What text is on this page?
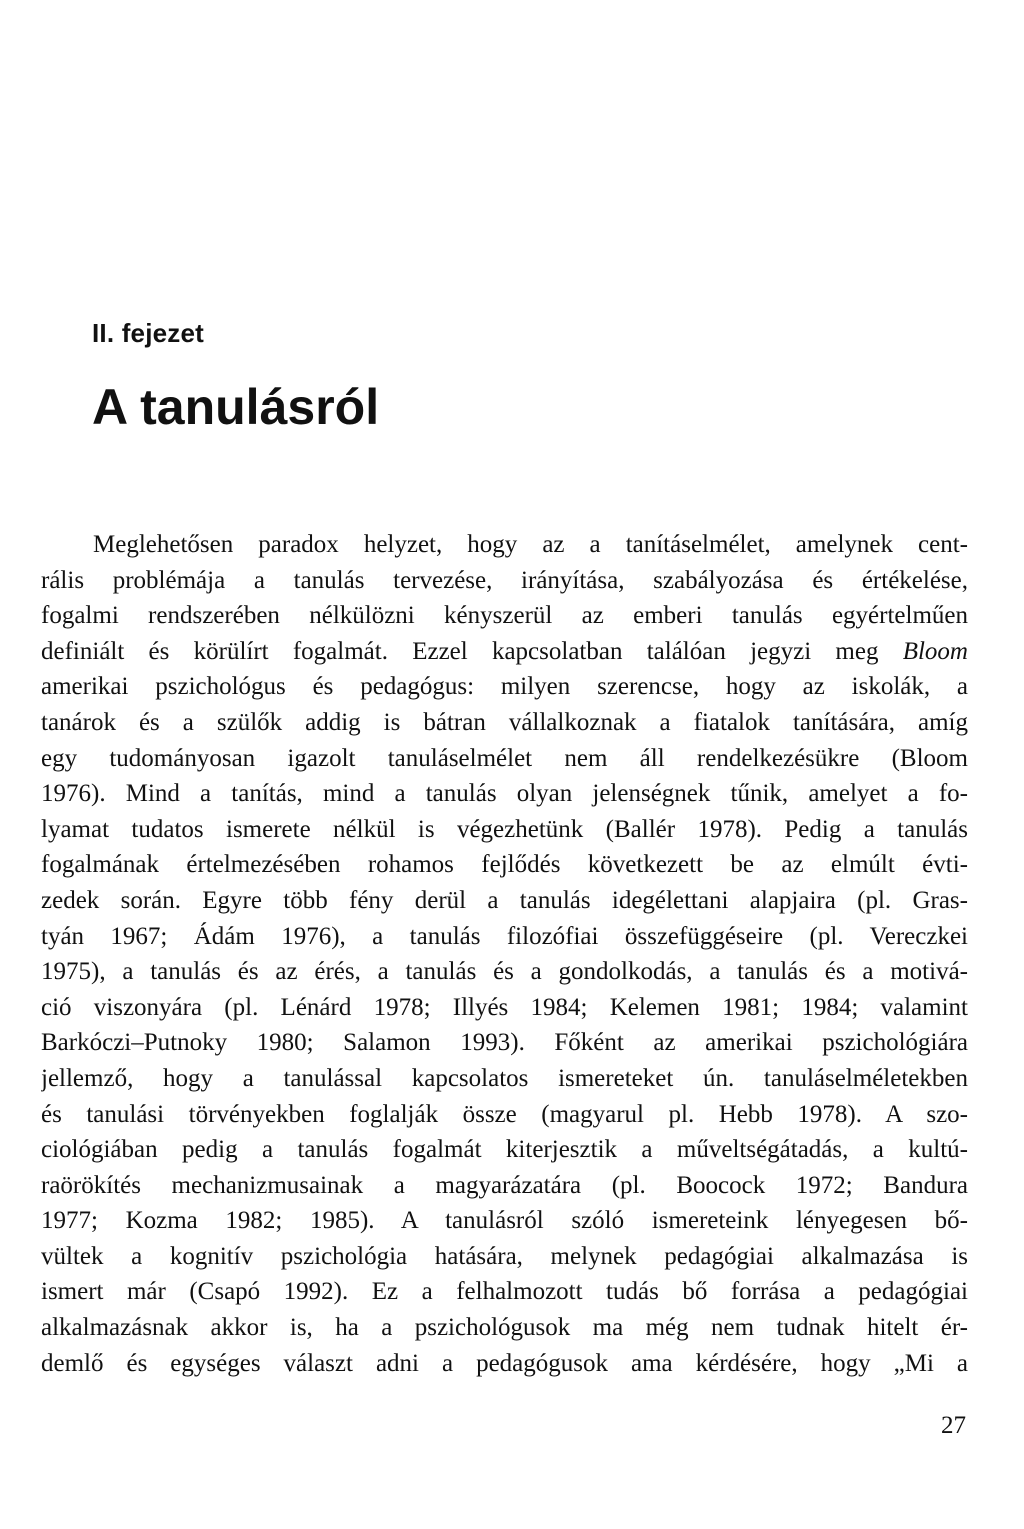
II. fejezet
A tanulásról
Meglehetősen paradox helyzet, hogy az a tanításelmélet, amelynek cent-
rális problémája a tanulás tervezése, irányítása, szabályozása és értékelése,
fogalmi rendszerében nélkülözni kényszerül az emberi tanulás egyértelműen
definiált és körülírt fogalmát. Ezzel kapcsolatban találóan jegyzi meg Bloom
amerikai pszichológus és pedagógus: milyen szerencse, hogy az iskolák, a
tanárok és a szülők addig is bátran vállalkoznak a fiatalok tanítására, amíg
egy tudományosan igazolt tanuláselmélet nem áll rendelkezésükre (Bloom
1976). Mind a tanítás, mind a tanulás olyan jelenségnek tűnik, amelyet a fo-
lyamat tudatos ismerete nélkül is végezhetünk (Ballér 1978). Pedig a tanulás
fogalmának értelmezésében rohamos fejlődés következett be az elmúlt évti-
zedek során. Egyre több fény derül a tanulás idegélettani alapjaira (pl. Gras-
tyán 1967; Ádám 1976), a tanulás filozófiai összefüggéseire (pl. Vereczkei
1975), a tanulás és az érés, a tanulás és a gondolkodás, a tanulás és a motivá-
ció viszonyára (pl. Lénárd 1978; Illyés 1984; Kelemen 1981; 1984; valamint
Barkóczi–Putnoky 1980; Salamon 1993). Főként az amerikai pszichológiára
jellemző, hogy a tanulással kapcsolatos ismereteket ún. tanuláselméletekben
és tanulási törvényekben foglalják össze (magyarul pl. Hebb 1978). A szo-
ciológiában pedig a tanulás fogalmát kiterjesztik a műveltségátadás, a kultú-
raörökítés mechanizmusainak a magyarázatára (pl. Boocock 1972; Bandura
1977; Kozma 1982; 1985). A tanulásról szóló ismereteink lényegesen bő-
vültek a kognitív pszichológia hatására, melynek pedagógiai alkalmazása is
ismert már (Csapó 1992). Ez a felhalmozott tudás bő forrása a pedagógiai
alkalmazásnak akkor is, ha a pszichológusok ma még nem tudnak hitelt ér-
demlő és egységes választ adni a pedagógusok ama kérdésére, hogy „Mi a
27
